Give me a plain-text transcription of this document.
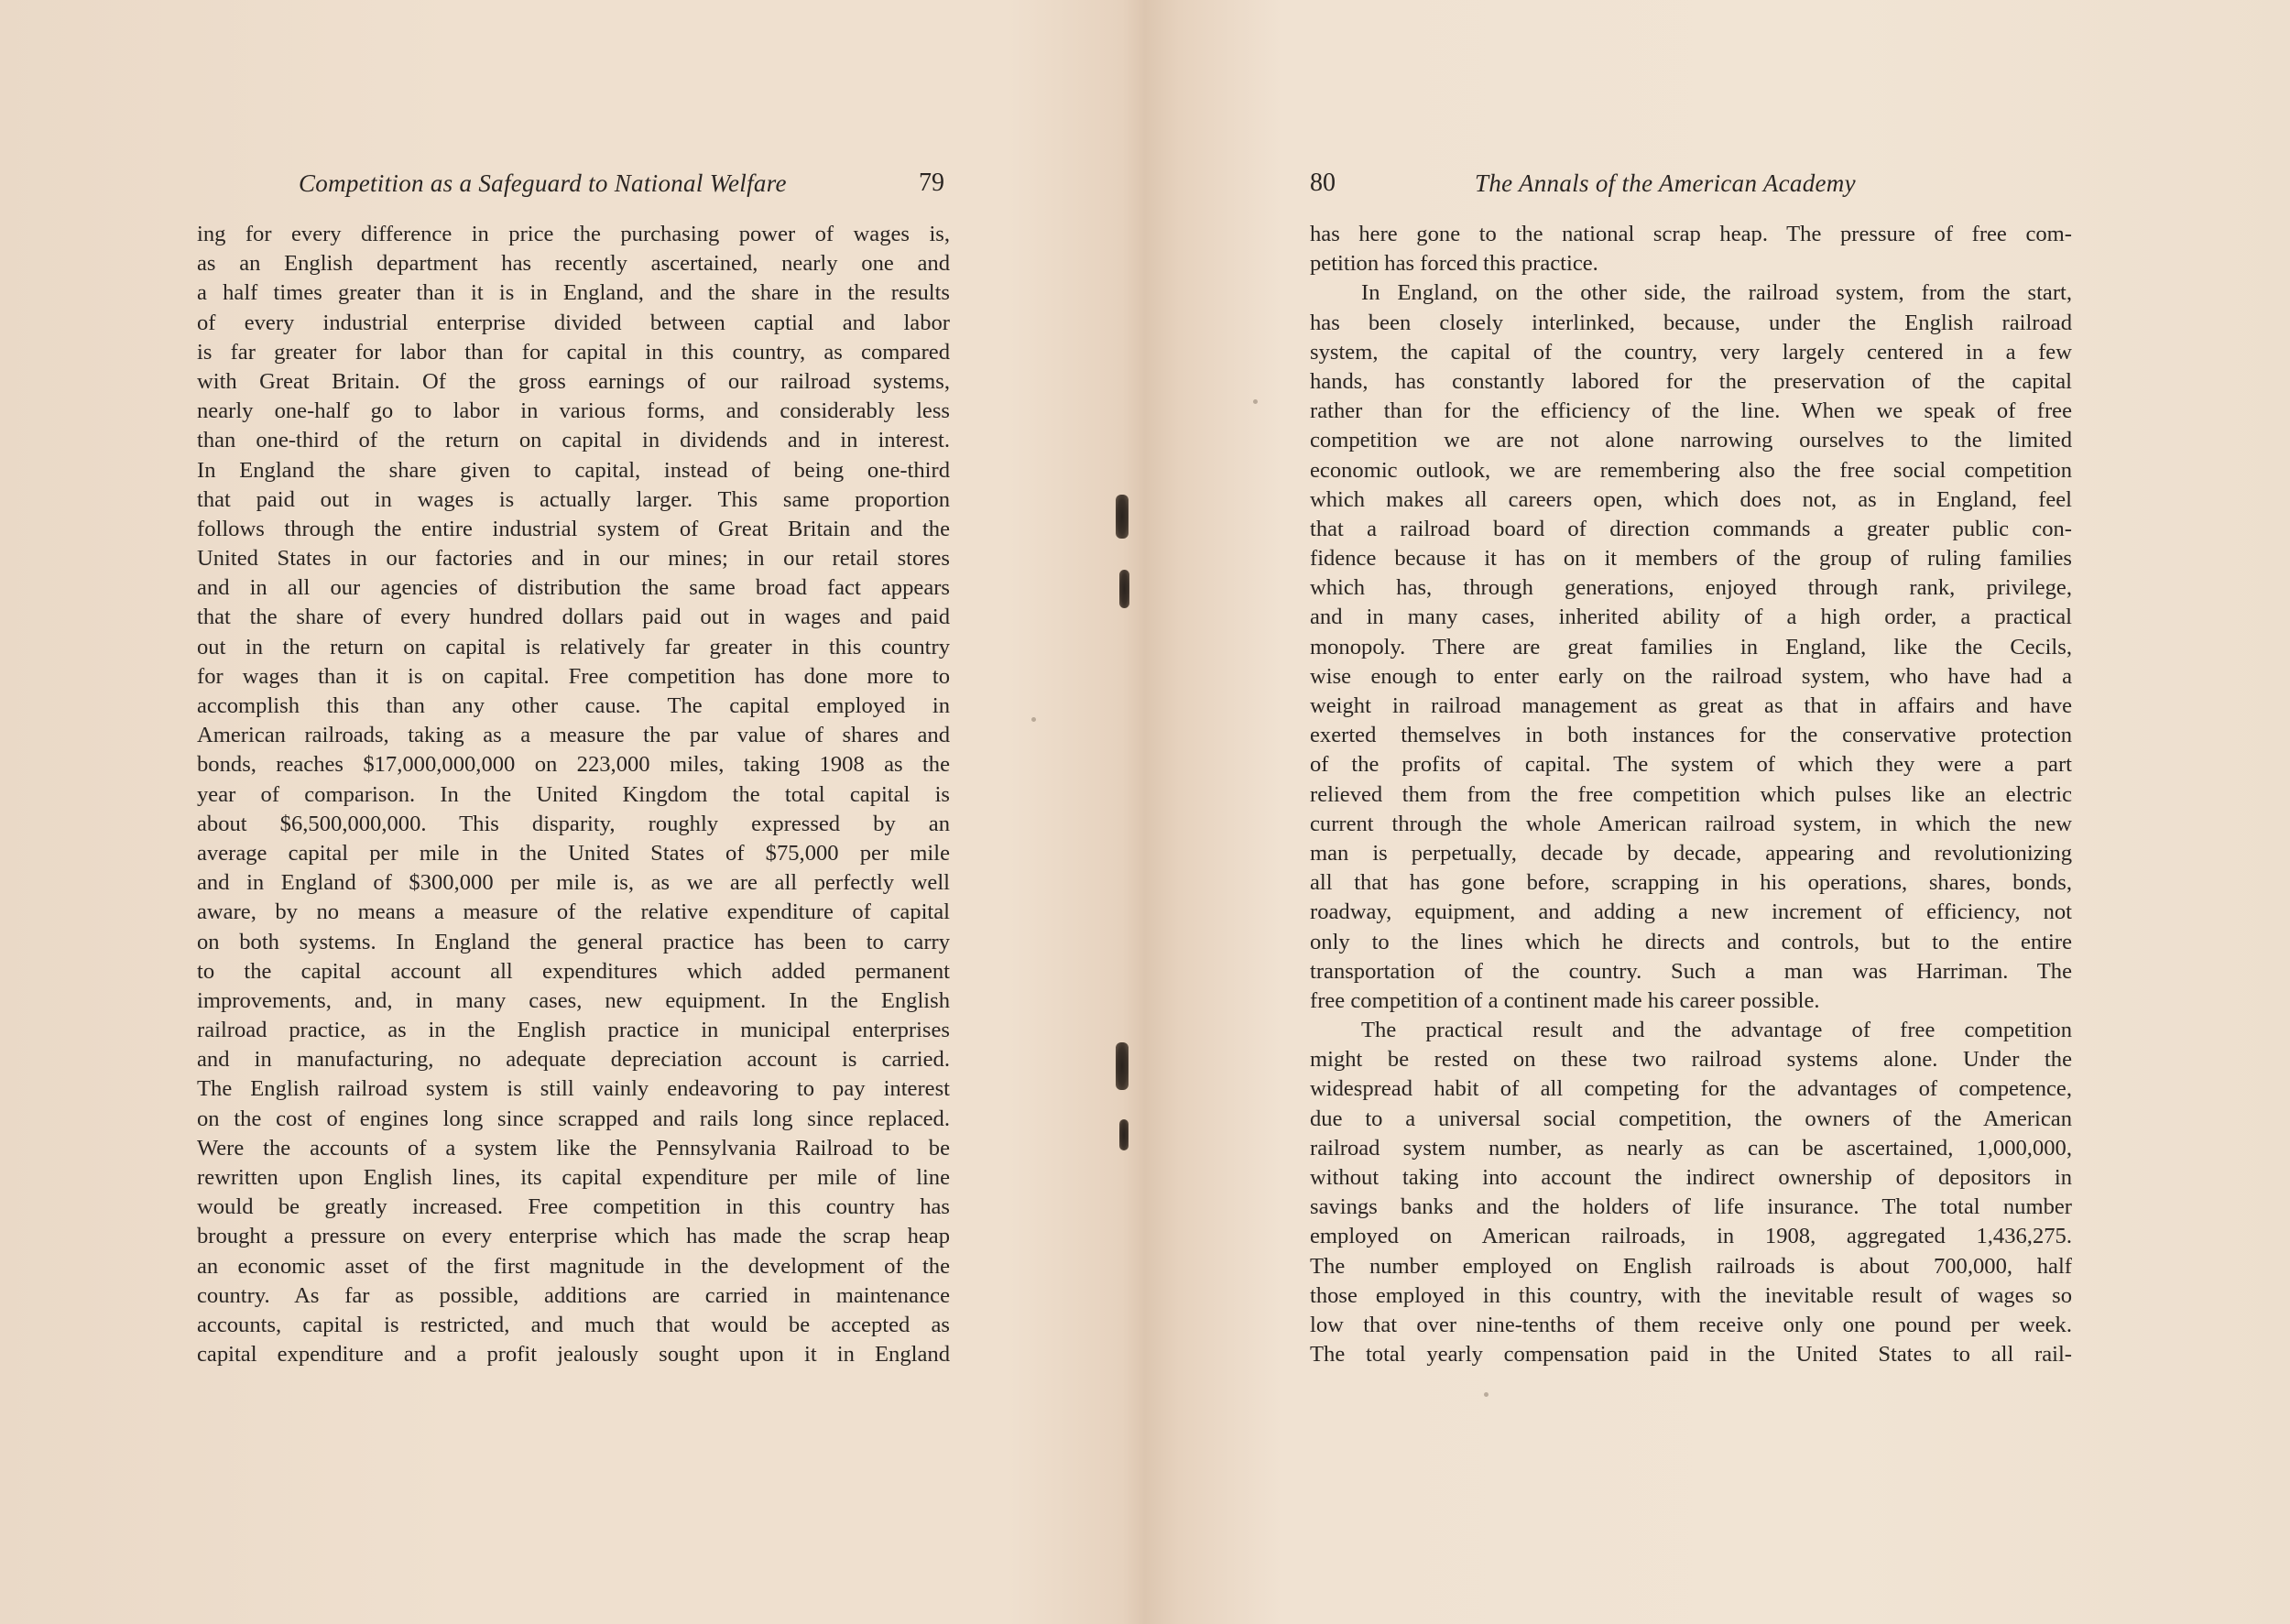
Competition as a Safeguard to National Welfare	79
ing for every difference in price the purchasing power of wages is,
as an English department has recently ascertained, nearly one and
a half times greater than it is in England, and the share in the results
of every industrial enterprise divided between captial and labor
is far greater for labor than for capital in this country, as compared
with Great Britain. Of the gross earnings of our railroad systems,
nearly one-half go to labor in various forms, and considerably less
than one-third of the return on capital in dividends and in interest.
In England the share given to capital, instead of being one-third
that paid out in wages is actually larger. This same proportion
follows through the entire industrial system of Great Britain and the
United States in our factories and in our mines; in our retail stores
and in all our agencies of distribution the same broad fact appears
that the share of every hundred dollars paid out in wages and paid
out in the return on capital is relatively far greater in this country
for wages than it is on capital. Free competition has done more to
accomplish this than any other cause. The capital employed in
American railroads, taking as a measure the par value of shares and
bonds, reaches $17,000,000,000 on 223,000 miles, taking 1908 as the
year of comparison. In the United Kingdom the total capital is
about $6,500,000,000. This disparity, roughly expressed by an
average capital per mile in the United States of $75,000 per mile
and in England of $300,000 per mile is, as we are all perfectly well
aware, by no means a measure of the relative expenditure of capital
on both systems. In England the general practice has been to carry
to the capital account all expenditures which added permanent
improvements, and, in many cases, new equipment. In the English
railroad practice, as in the English practice in municipal enterprises
and in manufacturing, no adequate depreciation account is carried.
The English railroad system is still vainly endeavoring to pay interest
on the cost of engines long since scrapped and rails long since replaced.
Were the accounts of a system like the Pennsylvania Railroad to be
rewritten upon English lines, its capital expenditure per mile of line
would be greatly increased. Free competition in this country has
brought a pressure on every enterprise which has made the scrap heap
an economic asset of the first magnitude in the development of the
country. As far as possible, additions are carried in maintenance
accounts, capital is restricted, and much that would be accepted as
capital expenditure and a profit jealously sought upon it in England
80	The Annals of the American Academy
has here gone to the national scrap heap. The pressure of free com-
petition has forced this practice.
In England, on the other side, the railroad system, from the start,
has been closely interlinked, because, under the English railroad
system, the capital of the country, very largely centered in a few
hands, has constantly labored for the preservation of the capital
rather than for the efficiency of the line. When we speak of free
competition we are not alone narrowing ourselves to the limited
economic outlook, we are remembering also the free social competition
which makes all careers open, which does not, as in England, feel
that a railroad board of direction commands a greater public con-
fidence because it has on it members of the group of ruling families
which has, through generations, enjoyed through rank, privilege,
and in many cases, inherited ability of a high order, a practical
monopoly. There are great families in England, like the Cecils,
wise enough to enter early on the railroad system, who have had a
weight in railroad management as great as that in affairs and have
exerted themselves in both instances for the conservative protection
of the profits of capital. The system of which they were a part
relieved them from the free competition which pulses like an electric
current through the whole American railroad system, in which the new
man is perpetually, decade by decade, appearing and revolutionizing
all that has gone before, scrapping in his operations, shares, bonds,
roadway, equipment, and adding a new increment of efficiency, not
only to the lines which he directs and controls, but to the entire
transportation of the country. Such a man was Harriman. The
free competition of a continent made his career possible.
The practical result and the advantage of free competition
might be rested on these two railroad systems alone. Under the
widespread habit of all competing for the advantages of competence,
due to a universal social competition, the owners of the American
railroad system number, as nearly as can be ascertained, 1,000,000,
without taking into account the indirect ownership of depositors in
savings banks and the holders of life insurance. The total number
employed on American railroads, in 1908, aggregated 1,436,275.
The number employed on English railroads is about 700,000, half
those employed in this country, with the inevitable result of wages so
low that over nine-tenths of them receive only one pound per week.
The total yearly compensation paid in the United States to all rail-
